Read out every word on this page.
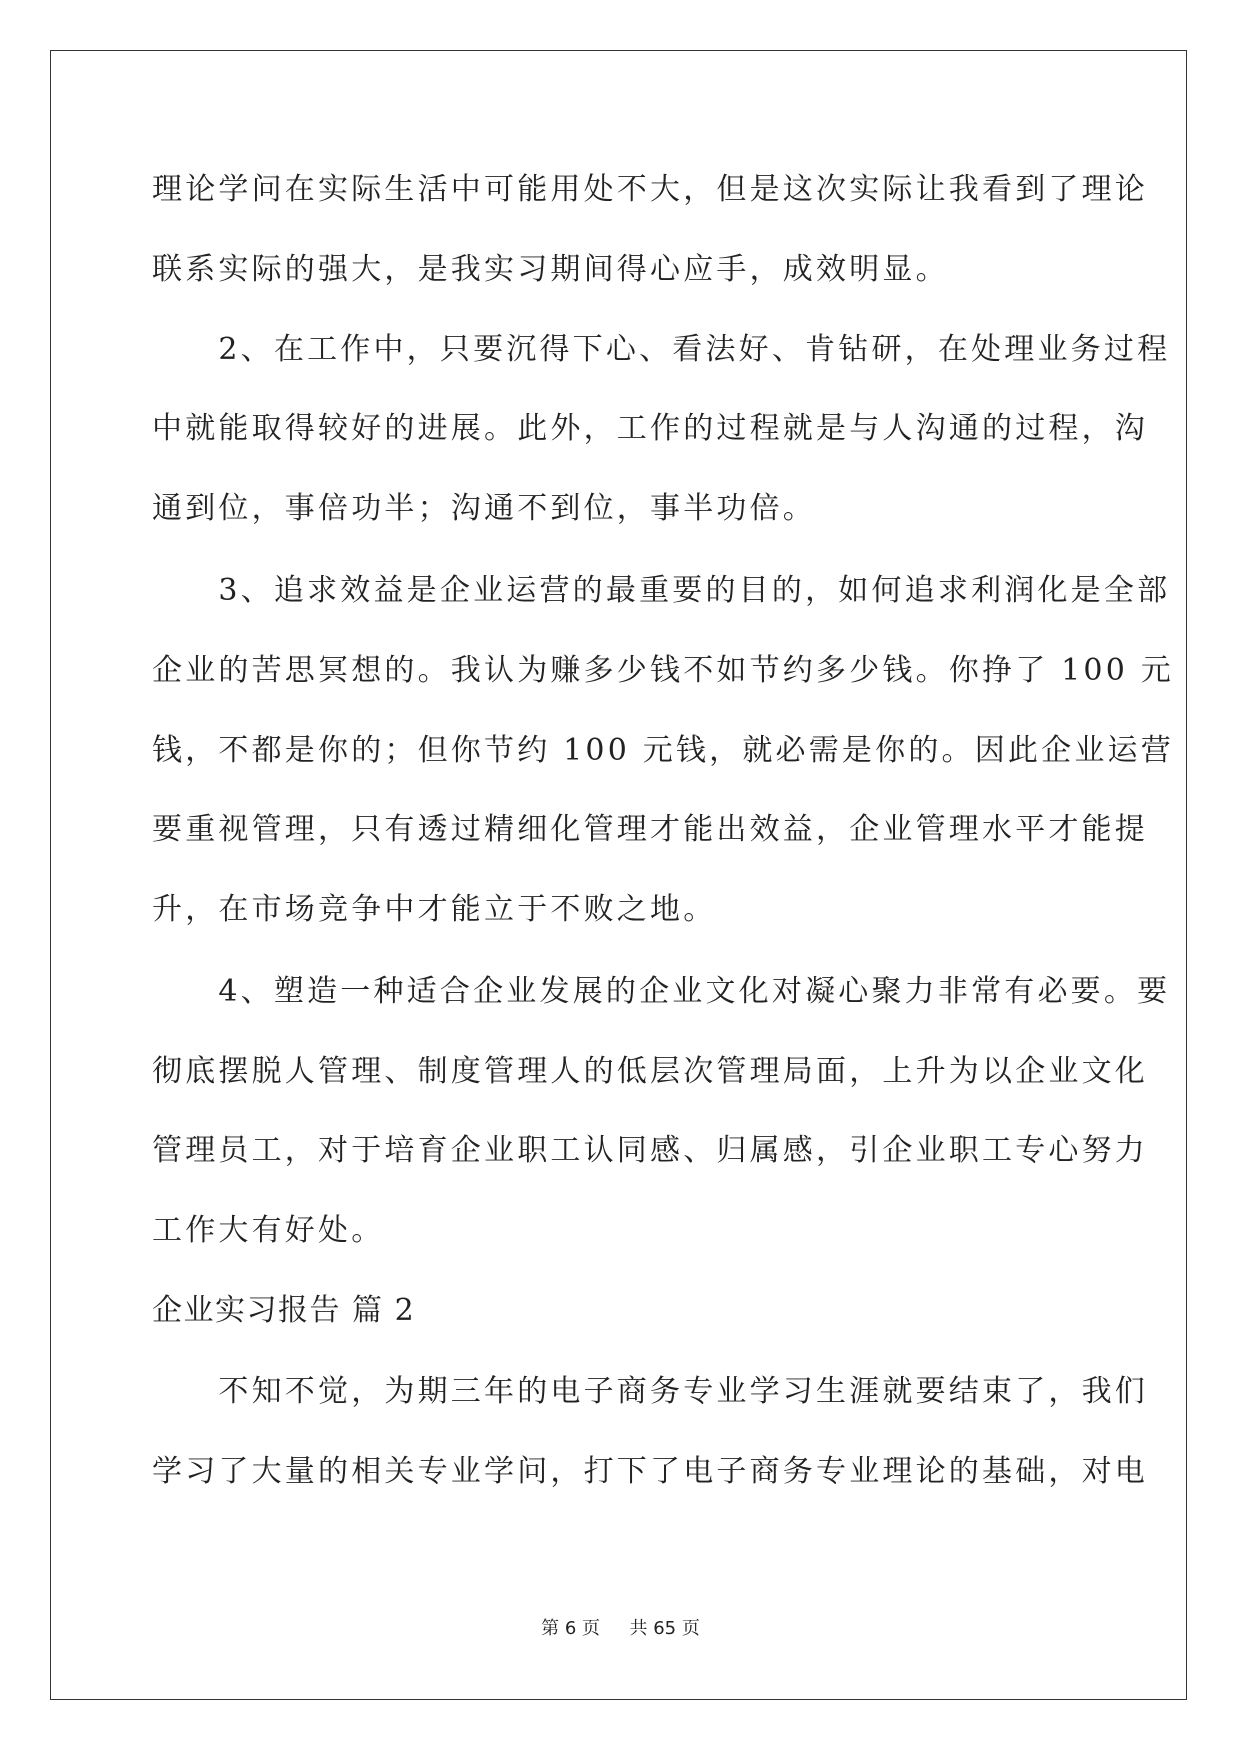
理论学问在实际生活中可能用处不大，但是这次实际让我看到了理论
联系实际的强大，是我实习期间得心应手，成效明显。
　　2、在工作中，只要沉得下心、看法好、肯钻研，在处理业务过程
中就能取得较好的进展。此外，工作的过程就是与人沟通的过程，沟
通到位，事倍功半；沟通不到位，事半功倍。
　　3、追求效益是企业运营的最重要的目的，如何追求利润化是全部
企业的苦思冥想的。我认为赚多少钱不如节约多少钱。你挣了 100 元
钱，不都是你的；但你节约 100 元钱，就必需是你的。因此企业运营
要重视管理，只有透过精细化管理才能出效益，企业管理水平才能提
升，在市场竞争中才能立于不败之地。
　　4、塑造一种适合企业发展的企业文化对凝心聚力非常有必要。要
彻底摆脱人管理、制度管理人的低层次管理局面，上升为以企业文化
管理员工，对于培育企业职工认同感、归属感，引企业职工专心努力
工作大有好处。
企业实习报告 篇 2
　　不知不觉，为期三年的电子商务专业学习生涯就要结束了，我们
学习了大量的相关专业学问，打下了电子商务专业理论的基础，对电
第 6 页 共 65 页
